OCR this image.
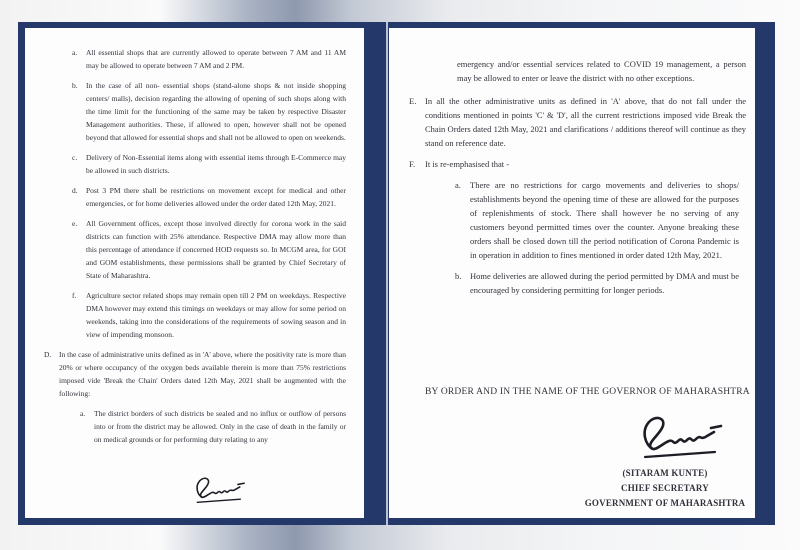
a.	All essential shops that are currently allowed to operate between 7 AM and 11 AM may be allowed to operate between 7 AM and 2 PM.
b.	In the case of all non- essential shops (stand-alone shops & not inside shopping centers/ malls), decision regarding the allowing of opening of such shops along with the time limit for the functioning of the same may be taken by respective Disaster Management authorities. These, if allowed to open, however shall not be opened beyond that allowed for essential shops and shall not be allowed to open on weekends.
c.	Delivery of Non-Essential items along with essential items through E-Commerce may be allowed in such districts.
d.	Post 3 PM there shall be restrictions on movement except for medical and other emergencies, or for home deliveries allowed under the order dated 12th May, 2021.
e.	All Government offices, except those involved directly for corona work in the said districts can function with 25% attendance. Respective DMA may allow more than this percentage of attendance if concerned HOD requests so. In MCGM area, for GOI and GOM establishments, these permissions shall be granted by Chief Secretary of State of Maharashtra.
f.	Agriculture sector related shops may remain open till 2 PM on weekdays. Respective DMA however may extend this timings on weekdays or may allow for some period on weekends, taking into the considerations of the requirements of sowing season and in view of impending monsoon.
D.	In the case of administrative units defined as in 'A' above, where the positivity rate is more than 20% or where occupancy of the oxygen beds available therein is more than 75% restrictions imposed vide 'Break the Chain' Orders dated 12th May, 2021 shall be augmented with the following:
a.	The district borders of such districts be sealed and no influx or outflow of persons into or from the district may be allowed. Only in the case of death in the family or on medical grounds or for performing duty relating to any
emergency and/or essential services related to COVID 19 management, a person may be allowed to enter or leave the district with no other exceptions.
E.	In all the other administrative units as defined in 'A' above, that do not fall under the conditions mentioned in points 'C' & 'D', all the current restrictions imposed vide Break the Chain Orders dated 12th May, 2021 and clarifications / additions thereof will continue as they stand on reference date.
F.	It is re-emphasised that -
a.	There are no restrictions for cargo movements and deliveries to shops/ establishments beyond the opening time of these are allowed for the purposes of replenishments of stock. There shall however be no serving of any customers beyond permitted times over the counter. Anyone breaking these orders shall be closed down till the period notification of Corona Pandemic is in operation in addition to fines mentioned in order dated 12th May, 2021.
b.	Home deliveries are allowed during the period permitted by DMA and must be encouraged by considering permitting for longer periods.
BY ORDER AND IN THE NAME OF THE GOVERNOR OF MAHARASHTRA
(SITARAM KUNTE)
CHIEF SECRETARY
GOVERNMENT OF MAHARASHTRA
